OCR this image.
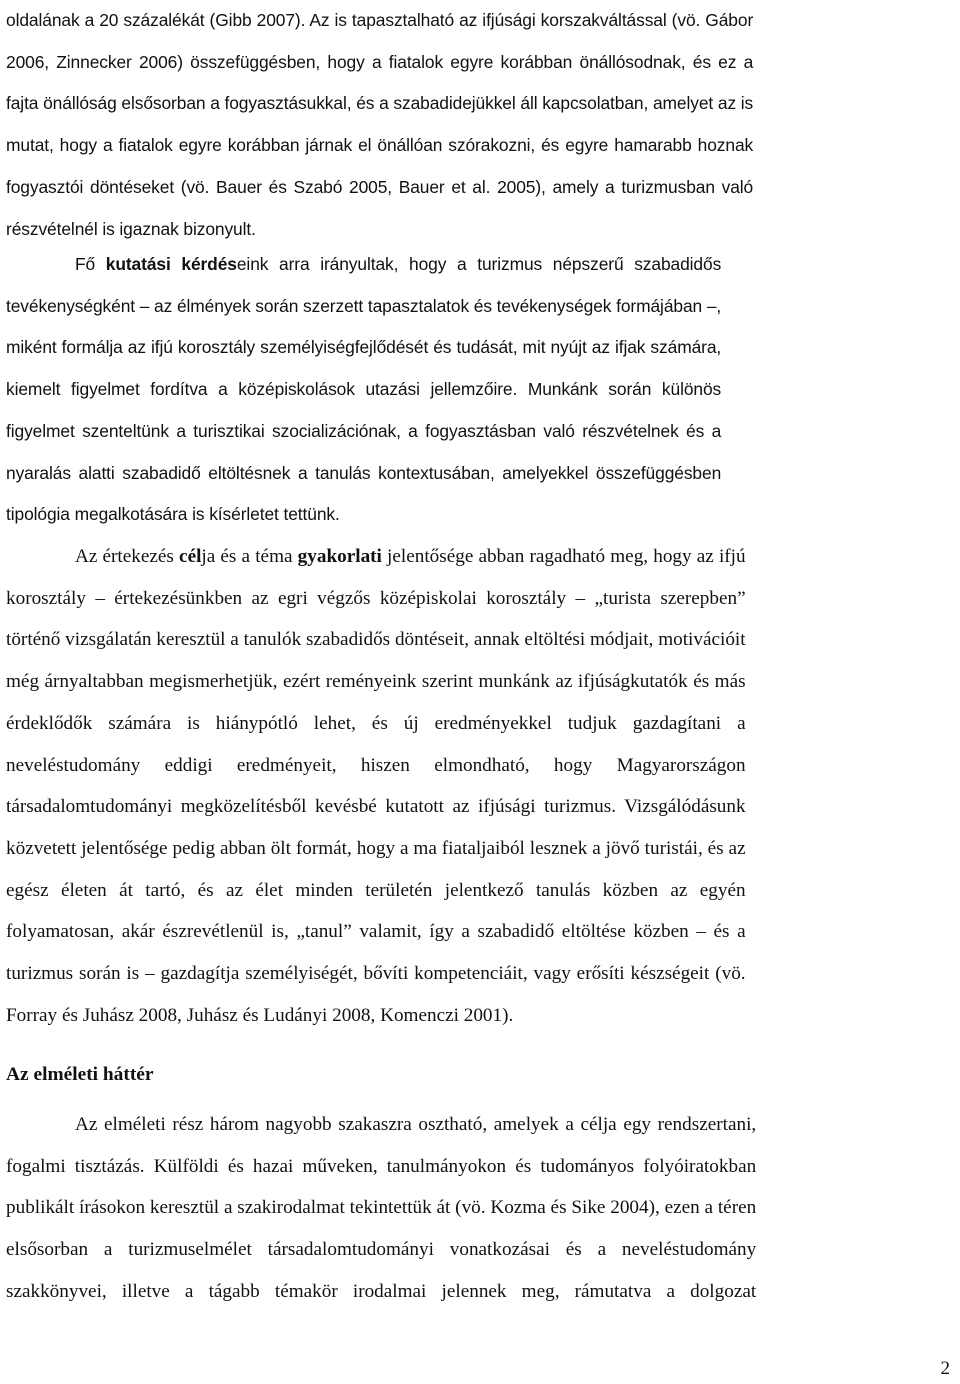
oldalának a 20 százalékát (Gibb 2007). Az is tapasztalható az ifjúsági korszakváltással (vö. Gábor
2006, Zinnecker 2006) összefüggésben, hogy a fiatalok egyre korábban önállósodnak, és ez a
fajta önállóság elsősorban a fogyasztásukkal, és a szabadidejükkel áll kapcsolatban, amelyet az is
mutat, hogy a fiatalok egyre korábban járnak el önállóan szórakozni, és egyre hamarabb hoznak
fogyasztói döntéseket (vö. Bauer és Szabó 2005, Bauer et al. 2005), amely a turizmusban való
részvételnél is igaznak bizonyult.

Fő kutatási kérdéseink arra irányultak, hogy a turizmus népszerű szabadidős
tevékenységként – az élmények során szerzett tapasztalatok és tevékenységek formájában –,
miként formálja az ifjú korosztály személyiségfejlődését és tudását, mit nyújt az ifjak számára,
kiemelt figyelmet fordítva a középiskolások utazási jellemzőire. Munkánk során különös
figyelmet szenteltünk a turisztikai szocializációnak, a fogyasztásban való részvételnek és a
nyaralás alatti szabadidő eltöltésnek a tanulás kontextusában, amelyekkel összefüggésben
tipológia megalkotására is kísérletet tettünk.

Az értekezés célja és a téma gyakorlati jelentősége abban ragadható meg, hogy az ifjú
korosztály – értekezésünkben az egri végzős középiskolai korosztály – „turista szerepben”
történő vizsgálatán keresztül a tanulók szabadidős döntéseit, annak eltöltési módjait, motivációit
még árnyaltabban megismerhetjük, ezért reményeink szerint munkánk az ifjúságkutatók és más
érdeklődők számára is hiánypótló lehet, és új eredményekkel tudjuk gazdagítani a
neveléstudomány eddigi eredményeit, hiszen elmondható, hogy Magyarországon
társadalomtudományi megközelítésből kevésbé kutatott az ifjúsági turizmus. Vizsgálódásunk
közvetett jelentősége pedig abban ölt formát, hogy a ma fiataljaiból lesznek a jövő turistái, és az
egész életen át tartó, és az élet minden területén jelentkező tanulás közben az egyén
folyamatosan, akár észrevétlenül is, „tanul” valamit, így a szabadidő eltöltése közben – és a
turizmus során is – gazdagítja személyiségét, bővíti kompetenciáit, vagy erősíti készségeit (vö.
Forray és Juhász 2008, Juhász és Ludányi 2008, Komenczi 2001).

Az elméleti háttér

Az elméleti rész három nagyobb szakaszra osztható, amelyek a célja egy rendszertani,
fogalmi tisztázás. Külföldi és hazai műveken, tanulmányokon és tudományos folyóiratokban
publikált írásokon keresztül a szakirodalmat tekintettük át (vö. Kozma és Sike 2004), ezen a téren
elsősorban a turizmuselmélet társadalomtudományi vonatkozásai és a neveléstudomány
szakkönyvei, illetve a tágabb témakör irodalmai jelennek meg, rámutatva a dolgozat

2
